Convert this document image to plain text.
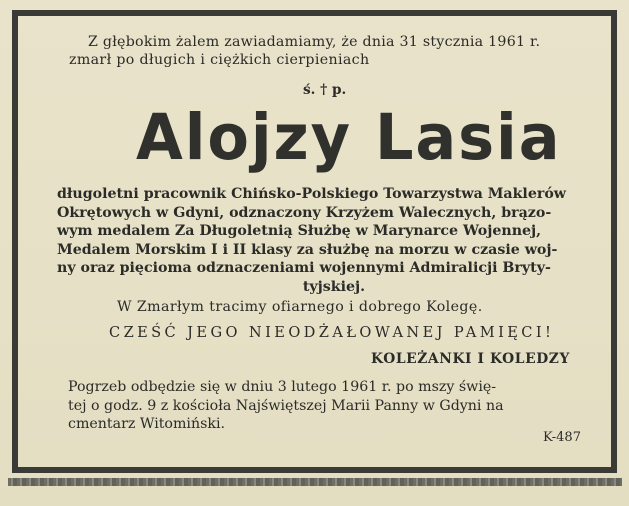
Z głębokim żalem zawiadamiamy, że dnia 31 stycznia 1961 r.
zmarł po długich i ciężkich cierpieniach
ś. † p.
Alojzy Lasia
długoletni pracownik Chińsko-Polskiego Towarzystwa Maklerów
Okrętowych w Gdyni, odznaczony Krzyżem Walecznych, brązo-
wym medalem Za Długoletnią Służbę w Marynarce Wojennej,
Medalem Morskim I i II klasy za służbę na morzu w czasie woj-
ny oraz pięcioma odznaczeniami wojennymi Admiralicji Bryty-
tyjskiej.
W Zmarłym tracimy ofiarnego i dobrego Kolegę.
CZEŚĆ JEGO NIEODŻAŁOWANEJ PAMIĘCI!
KOLEŻANKI I KOLEDZY
Pogrzeb odbędzie się w dniu 3 lutego 1961 r. po mszy świę-
tej o godz. 9 z kościoła Najświętszej Marii Panny w Gdyni na
cmentarz Witomiński.
K-487
